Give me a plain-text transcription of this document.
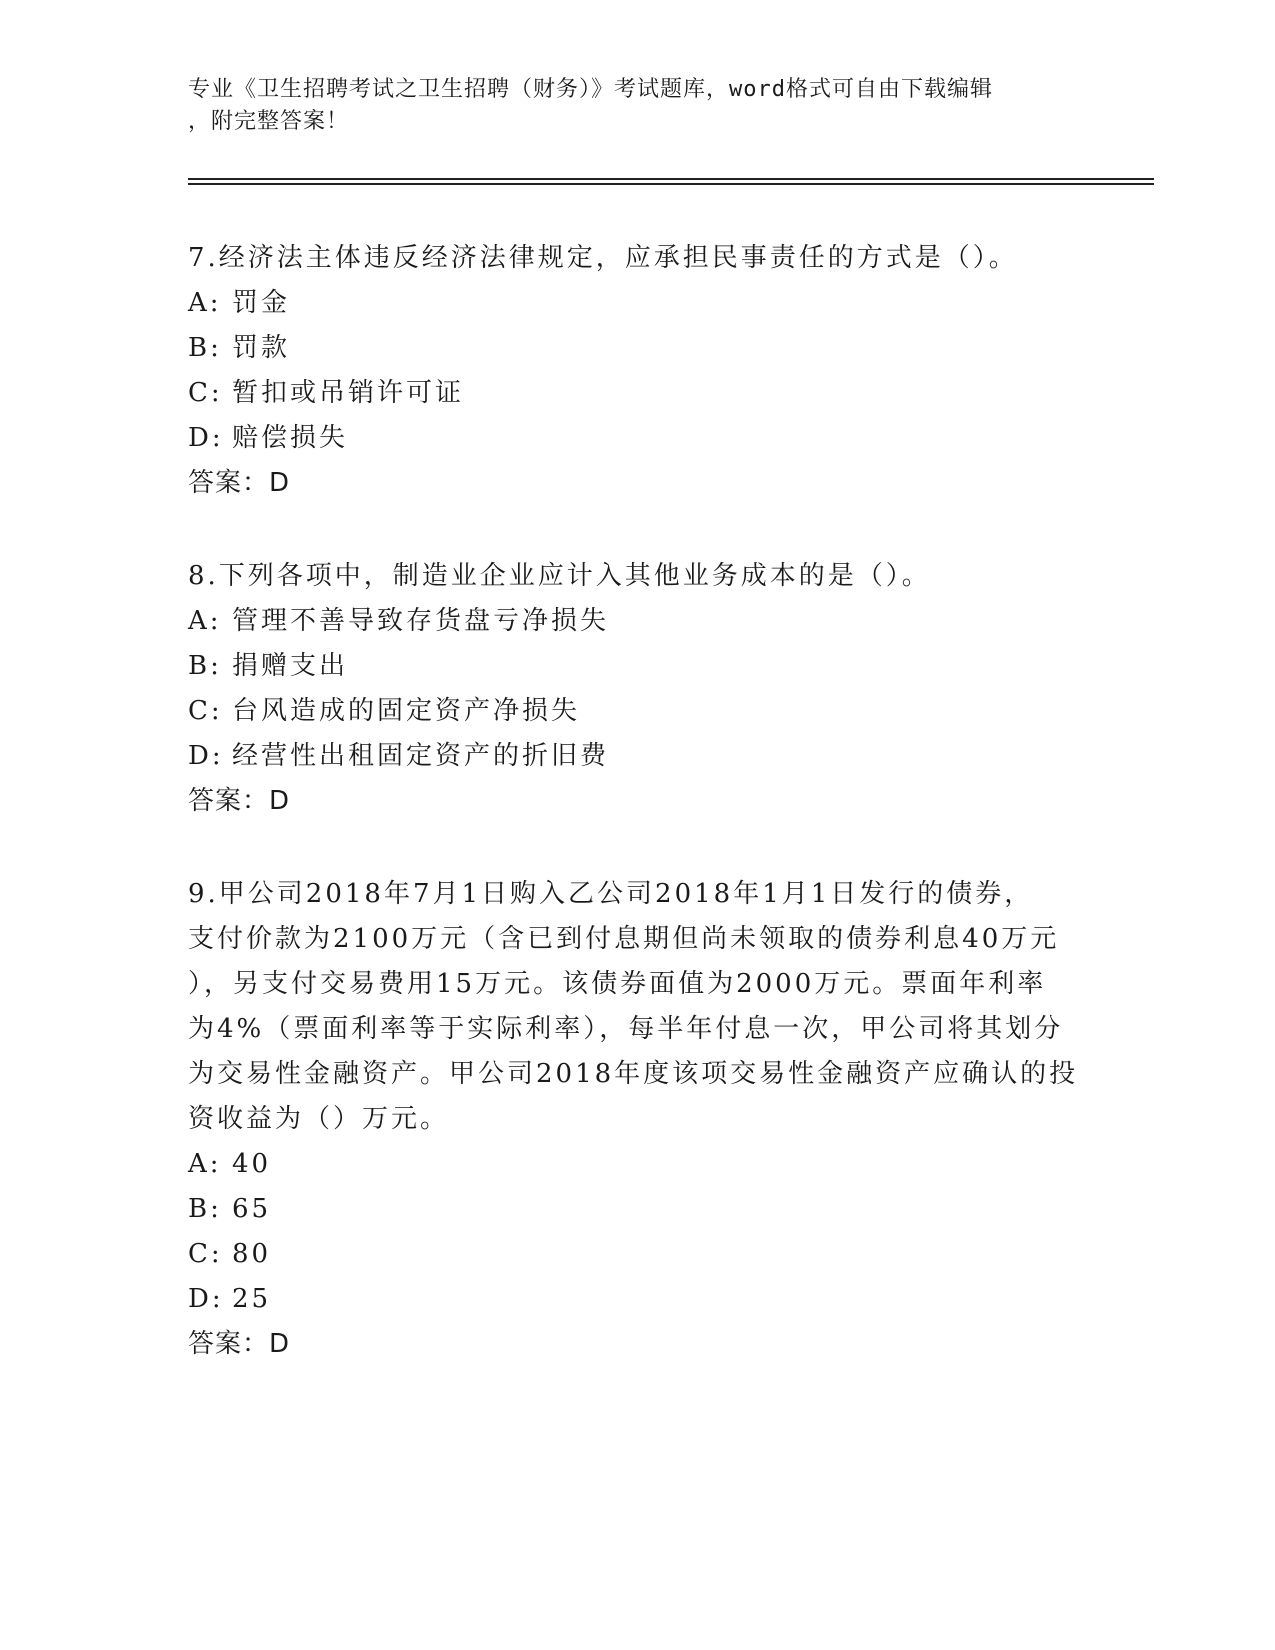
专业《卫生招聘考试之卫生招聘（财务）》考试题库，word格式可自由下载编辑
，附完整答案！
7.经济法主体违反经济法律规定，应承担民事责任的方式是（）。
A: 罚金
B: 罚款
C: 暂扣或吊销许可证
D: 赔偿损失
答案：D
8.下列各项中，制造业企业应计入其他业务成本的是（）。
A: 管理不善导致存货盘亏净损失
B: 捐赠支出
C: 台风造成的固定资产净损失
D: 经营性出租固定资产的折旧费
答案：D
9.甲公司2018年7月1日购入乙公司2018年1月1日发行的债券，
支付价款为2100万元（含已到付息期但尚未领取的债券利息40万元
），另支付交易费用15万元。该债券面值为2000万元。票面年利率
为4%（票面利率等于实际利率），每半年付息一次，甲公司将其划分
为交易性金融资产。甲公司2018年度该项交易性金融资产应确认的投
资收益为（）万元。
A: 40
B: 65
C: 80
D: 25
答案：D
